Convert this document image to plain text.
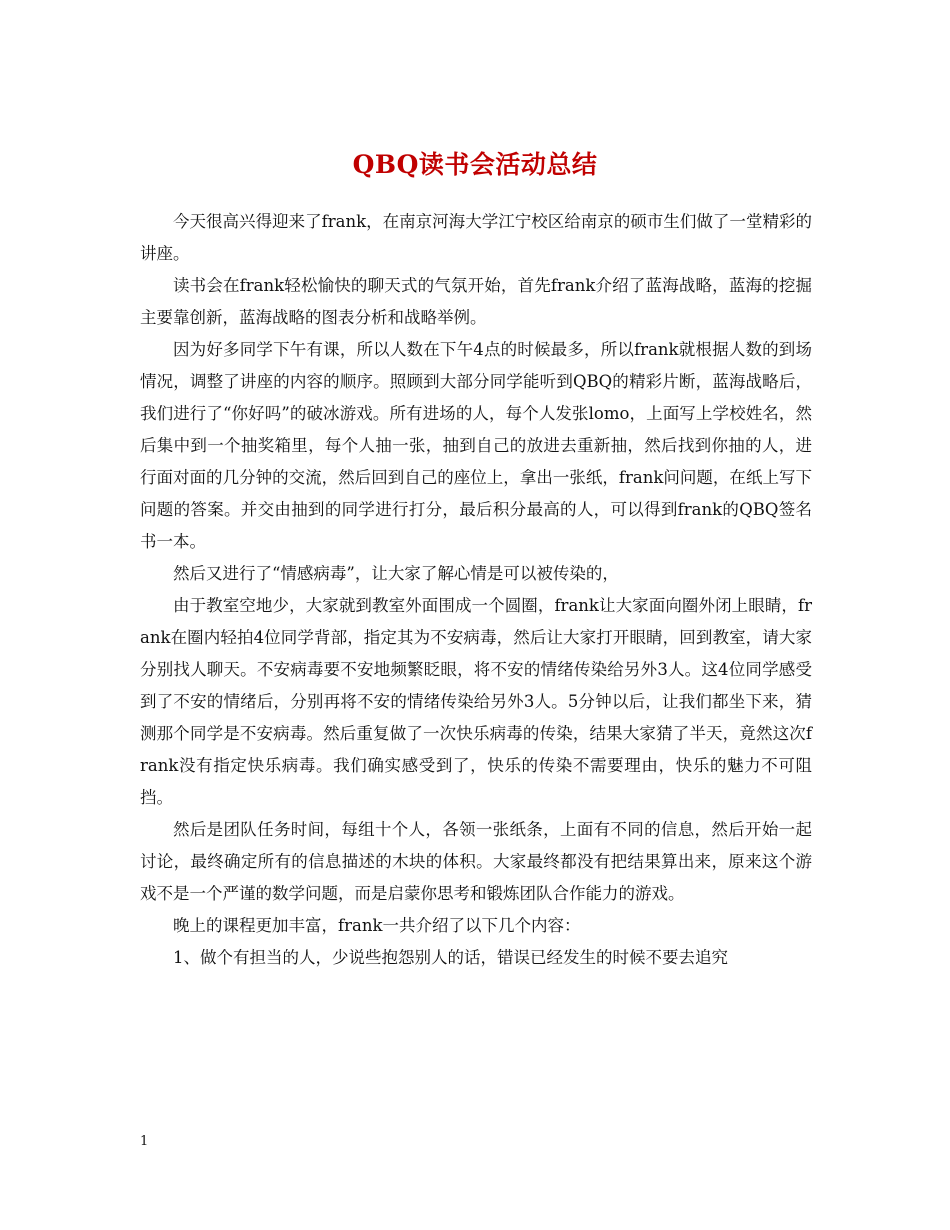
QBQ读书会活动总结

今天很高兴得迎来了frank，在南京河海大学江宁校区给南京的硕市生们做了一堂精彩的讲座。

读书会在frank轻松愉快的聊天式的气氛开始，首先frank介绍了蓝海战略，蓝海的挖掘主要靠创新，蓝海战略的图表分析和战略举例。

因为好多同学下午有课，所以人数在下午4点的时候最多，所以frank就根据人数的到场情况，调整了讲座的内容的顺序。照顾到大部分同学能听到QBQ的精彩片断，蓝海战略后，我们进行了“你好吗”的破冰游戏。所有进场的人，每个人发张lomo，上面写上学校姓名，然后集中到一个抽奖箱里，每个人抽一张，抽到自己的放进去重新抽，然后找到你抽的人，进行面对面的几分钟的交流，然后回到自己的座位上，拿出一张纸，frank问问题，在纸上写下问题的答案。并交由抽到的同学进行打分，最后积分最高的人，可以得到frank的QBQ签名书一本。

然后又进行了“情感病毒”，让大家了解心情是可以被传染的，

由于教室空地少，大家就到教室外面围成一个圆圈，frank让大家面向圈外闭上眼睛，frank在圈内轻拍4位同学背部，指定其为不安病毒，然后让大家打开眼睛，回到教室，请大家分别找人聊天。不安病毒要不安地频繁眨眼，将不安的情绪传染给另外3人。这4位同学感受到了不安的情绪后，分别再将不安的情绪传染给另外3人。5分钟以后，让我们都坐下来，猜测那个同学是不安病毒。然后重复做了一次快乐病毒的传染，结果大家猜了半天，竟然这次frank没有指定快乐病毒。我们确实感受到了，快乐的传染不需要理由，快乐的魅力不可阻挡。

然后是团队任务时间，每组十个人，各领一张纸条，上面有不同的信息，然后开始一起讨论，最终确定所有的信息描述的木块的体积。大家最终都没有把结果算出来，原来这个游戏不是一个严谨的数学问题，而是启蒙你思考和锻炼团队合作能力的游戏。

晚上的课程更加丰富，frank一共介绍了以下几个内容：

1、做个有担当的人，少说些抱怨别人的话，错误已经发生的时候不要去追究

1
